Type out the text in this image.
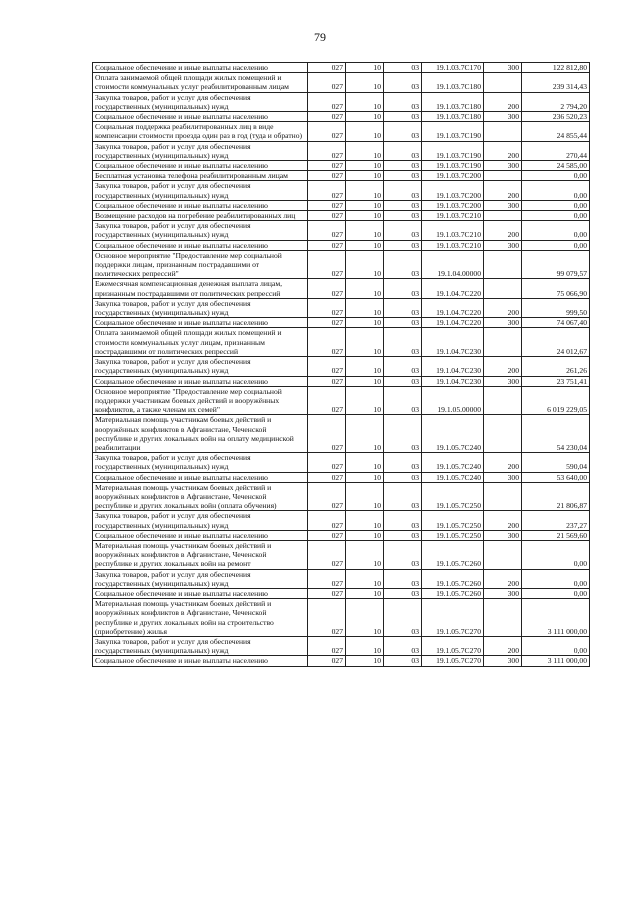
79
Социальное обеспечение и иные выплаты населению	027	10	03	19.1.03.7С170	300	122 812,80
Оплата занимаемой общей площади жилых помещений и стоимости коммунальных услуг реабилитированным лицам	027	10	03	19.1.03.7С180		239 314,43
Закупка товаров, работ и услуг для обеспечения государственных (муниципальных) нужд	027	10	03	19.1.03.7С180	200	2 794,20
Социальное обеспечение и иные выплаты населению	027	10	03	19.1.03.7С180	300	236 520,23
Социальная поддержка реабилитированных лиц в виде компенсации стоимости проезда один раз в год (туда и обратно)	027	10	03	19.1.03.7С190		24 855,44
Закупка товаров, работ и услуг для обеспечения государственных (муниципальных) нужд	027	10	03	19.1.03.7С190	200	270,44
Социальное обеспечение и иные выплаты населению	027	10	03	19.1.03.7С190	300	24 585,00
Бесплатная установка телефона реабилитированным лицам	027	10	03	19.1.03.7С200		0,00
Закупка товаров, работ и услуг для обеспечения государственных (муниципальных) нужд	027	10	03	19.1.03.7С200	200	0,00
Социальное обеспечение и иные выплаты населению	027	10	03	19.1.03.7С200	300	0,00
Возмещение расходов на погребение реабилитированных лиц	027	10	03	19.1.03.7С210		0,00
Закупка товаров, работ и услуг для обеспечения государственных (муниципальных) нужд	027	10	03	19.1.03.7С210	200	0,00
Социальное обеспечение и иные выплаты населению	027	10	03	19.1.03.7С210	300	0,00
Основное мероприятие "Предоставление мер социальной поддержки лицам, признанным пострадавшими от политических репрессий"	027	10	03	19.1.04.00000		99 079,57
Ежемесячная компенсационная денежная выплата лицам, признанным пострадавшими от политических репрессий	027	10	03	19.1.04.7С220		75 066,90
Закупка товаров, работ и услуг для обеспечения государственных (муниципальных) нужд	027	10	03	19.1.04.7С220	200	999,50
Социальное обеспечение и иные выплаты населению	027	10	03	19.1.04.7С220	300	74 067,40
Оплата занимаемой общей площади жилых помещений и стоимости коммунальных услуг лицам, признанным пострадавшими от политических репрессий	027	10	03	19.1.04.7С230		24 012,67
Закупка товаров, работ и услуг для обеспечения государственных (муниципальных) нужд	027	10	03	19.1.04.7С230	200	261,26
Социальное обеспечение и иные выплаты населению	027	10	03	19.1.04.7С230	300	23 751,41
Основное мероприятие "Предоставление мер социальной поддержки участникам боевых действий и вооружённых конфликтов, а также членам их семей"	027	10	03	19.1.05.00000		6 019 229,05
Материальная помощь участникам боевых действий и вооружённых конфликтов в Афганистане, Чеченской республике и других локальных войн на оплату медицинской реабилитации	027	10	03	19.1.05.7С240		54 230,04
Закупка товаров, работ и услуг для обеспечения государственных (муниципальных) нужд	027	10	03	19.1.05.7С240	200	590,04
Социальное обеспечение и иные выплаты населению	027	10	03	19.1.05.7С240	300	53 640,00
Материальная помощь участникам боевых действий и вооружённых конфликтов в Афганистане, Чеченской республике и других локальных войн (оплата обучения)	027	10	03	19.1.05.7С250		21 806,87
Закупка товаров, работ и услуг для обеспечения государственных (муниципальных) нужд	027	10	03	19.1.05.7С250	200	237,27
Социальное обеспечение и иные выплаты населению	027	10	03	19.1.05.7С250	300	21 569,60
Материальная помощь участникам боевых действий и вооружённых конфликтов в Афганистане, Чеченской республике и других локальных войн на ремонт	027	10	03	19.1.05.7С260		0,00
Закупка товаров, работ и услуг для обеспечения государственных (муниципальных) нужд	027	10	03	19.1.05.7С260	200	0,00
Социальное обеспечение и иные выплаты населению	027	10	03	19.1.05.7С260	300	0,00
Материальная помощь участникам боевых действий и вооружённых конфликтов в Афганистане, Чеченской республике и других локальных войн на строительство (приобретение) жилья	027	10	03	19.1.05.7С270		3 111 000,00
Закупка товаров, работ и услуг для обеспечения государственных (муниципальных) нужд	027	10	03	19.1.05.7С270	200	0,00
Социальное обеспечение и иные выплаты населению	027	10	03	19.1.05.7С270	300	3 111 000,00
